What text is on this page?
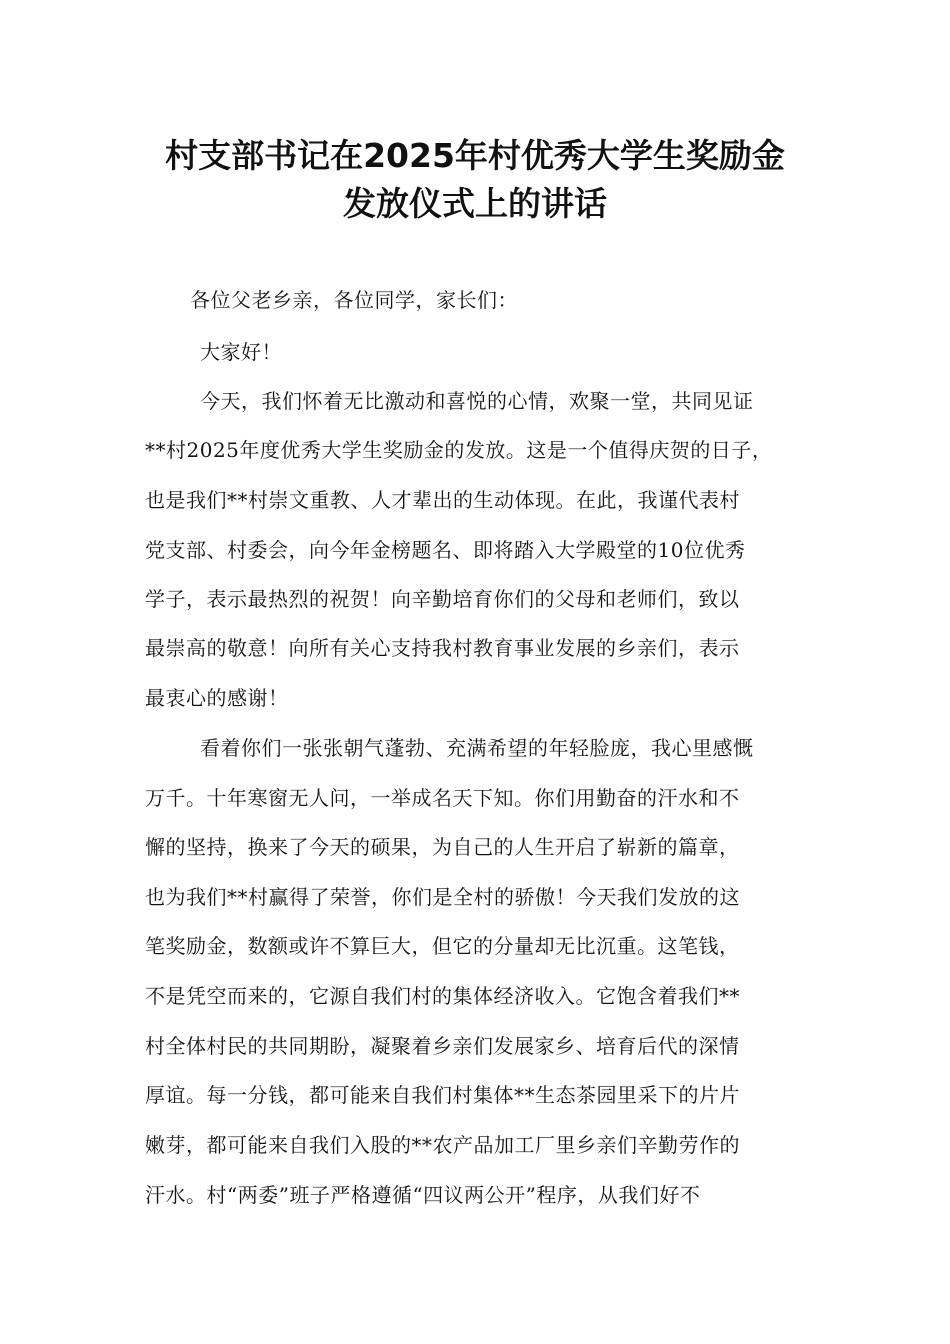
村支部书记在2025年村优秀大学生奖励金
发放仪式上的讲话
各位父老乡亲，各位同学，家长们：
大家好！
今天，我们怀着无比激动和喜悦的心情，欢聚一堂，共同见证
**村2025年度优秀大学生奖励金的发放。这是一个值得庆贺的日子，
也是我们**村崇文重教、人才辈出的生动体现。在此，我谨代表村
党支部、村委会，向今年金榜题名、即将踏入大学殿堂的10位优秀
学子，表示最热烈的祝贺！向辛勤培育你们的父母和老师们，致以
最崇高的敬意！向所有关心支持我村教育事业发展的乡亲们，表示
最衷心的感谢！
看着你们一张张朝气蓬勃、充满希望的年轻脸庞，我心里感慨
万千。十年寒窗无人问，一举成名天下知。你们用勤奋的汗水和不
懈的坚持，换来了今天的硕果，为自己的人生开启了崭新的篇章，
也为我们**村赢得了荣誉，你们是全村的骄傲！今天我们发放的这
笔奖励金，数额或许不算巨大，但它的分量却无比沉重。这笔钱，
不是凭空而来的，它源自我们村的集体经济收入。它饱含着我们**
村全体村民的共同期盼，凝聚着乡亲们发展家乡、培育后代的深情
厚谊。每一分钱，都可能来自我们村集体**生态茶园里采下的片片
嫩芽，都可能来自我们入股的**农产品加工厂里乡亲们辛勤劳作的
汗水。村“两委”班子严格遵循“四议两公开”程序，从我们好不
